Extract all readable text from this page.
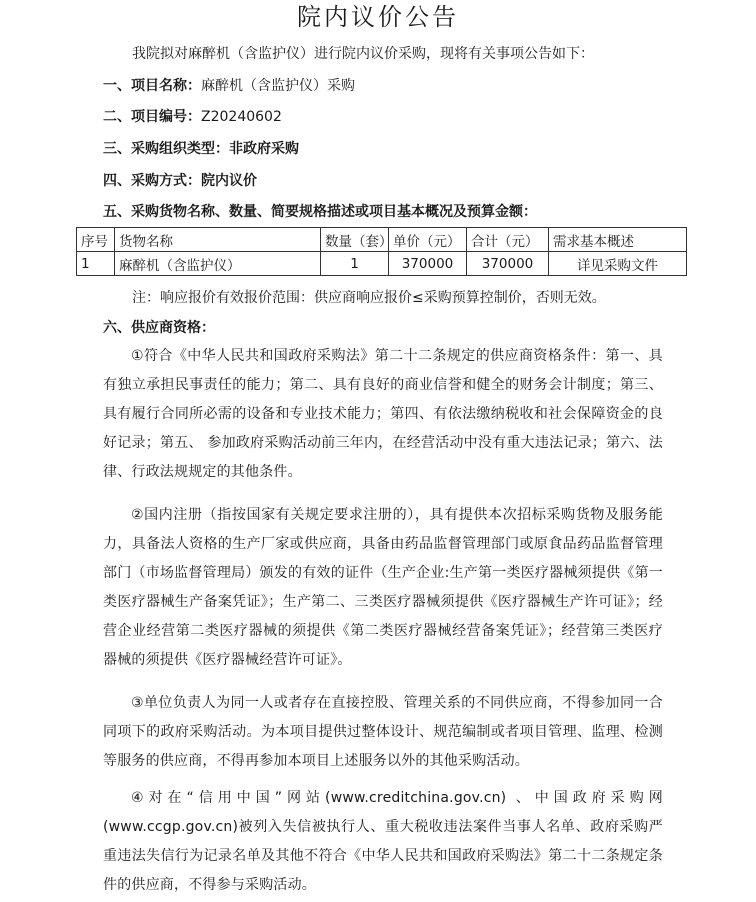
院内议价公告
我院拟对麻醉机（含监护仪）进行院内议价采购，现将有关事项公告如下：
一、项目名称：麻醉机（含监护仪）采购
二、项目编号：Z20240602
三、采购组织类型：非政府采购
四、采购方式：院内议价
五、采购货物名称、数量、简要规格描述或项目基本概况及预算金额：
序号	货物名称	数量（套）	单价（元）	合计（元）	需求基本概述
1	麻醉机（含监护仪）	1	370000	370000	详见采购文件
注：响应报价有效报价范围：供应商响应报价≤采购预算控制价，否则无效。
六、供应商资格：
①符合《中华人民共和国政府采购法》第二十二条规定的供应商资格条件：第一、具有独立承担民事责任的能力；第二、具有良好的商业信誉和健全的财务会计制度；第三、具有履行合同所必需的设备和专业技术能力；第四、有依法缴纳税收和社会保障资金的良好记录；第五、 参加政府采购活动前三年内，在经营活动中没有重大违法记录；第六、法律、行政法规规定的其他条件。
②国内注册（指按国家有关规定要求注册的），具有提供本次招标采购货物及服务能力，具备法人资格的生产厂家或供应商，具备由药品监督管理部门或原食品药品监督管理部门（市场监督管理局）颁发的有效的证件（生产企业:生产第一类医疗器械须提供《第一类医疗器械生产备案凭证》；生产第二、三类医疗器械须提供《医疗器械生产许可证》；经营企业经营第二类医疗器械的须提供《第二类医疗器械经营备案凭证》；经营第三类医疗器械的须提供《医疗器械经营许可证》。
③单位负责人为同一人或者存在直接控股、管理关系的不同供应商，不得参加同一合同项下的政府采购活动。为本项目提供过整体设计、规范编制或者项目管理、监理、检测等服务的供应商，不得再参加本项目上述服务以外的其他采购活动。
④对在“信用中国”网站(www.creditchina.gov.cn) 、中国政府采购网(www.ccgp.gov.cn)被列入失信被执行人、重大税收违法案件当事人名单、政府采购严重违法失信行为记录名单及其他不符合《中华人民共和国政府采购法》第二十二条规定条件的供应商，不得参与采购活动。
